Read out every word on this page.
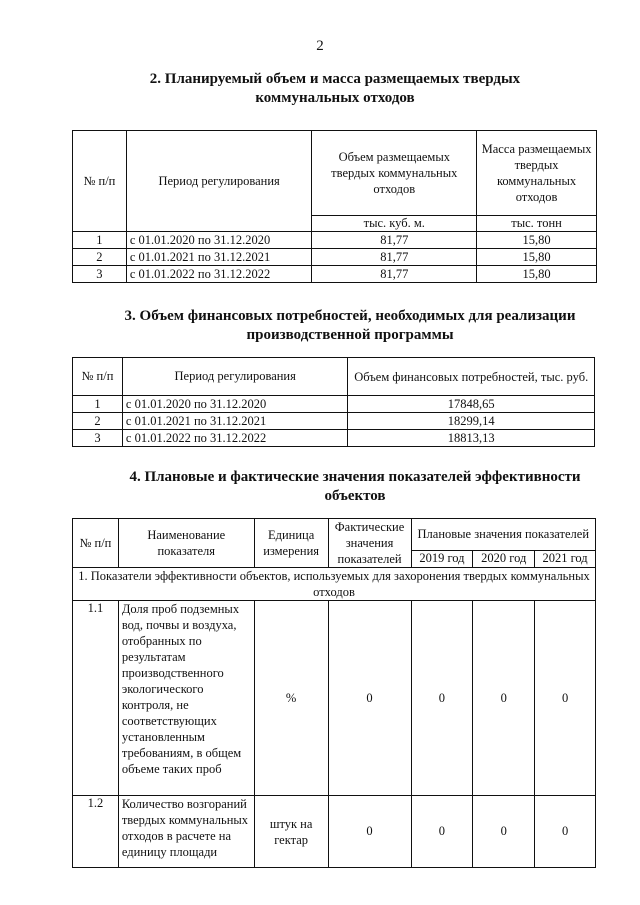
2
2. Планируемый объем и масса размещаемых твердых
коммунальных отходов
№ п/п	Период регулирования	Объем размещаемых твердых коммунальных отходов	Масса размещаемых твердых коммунальных отходов
		тыс. куб. м.	тыс. тонн
1	с 01.01.2020 по 31.12.2020	81,77	15,80
2	с 01.01.2021 по 31.12.2021	81,77	15,80
3	с 01.01.2022 по 31.12.2022	81,77	15,80
3. Объем финансовых потребностей, необходимых для реализации
производственной программы
№ п/п	Период регулирования	Объем финансовых потребностей, тыс. руб.
1	с 01.01.2020 по 31.12.2020	17848,65
2	с 01.01.2021 по 31.12.2021	18299,14
3	с 01.01.2022 по 31.12.2022	18813,13
4. Плановые и фактические значения показателей эффективности
объектов
№ п/п	Наименование показателя	Единица измерения	Фактические значения показателей	Плановые значения показателей		
				2019 год	2020 год	2021 год
1. Показатели эффективности объектов, используемых для захоронения твердых коммунальных отходов						
1.1	Доля проб подземных вод, почвы и воздуха, отобранных по результатам производственного экологического контроля, не соответствующих установленным требованиям, в общем объеме таких проб	%	0	0	0	0
1.2	Количество возгораний твердых коммунальных отходов в расчете на единицу площади	штук на гектар	0	0	0	0
